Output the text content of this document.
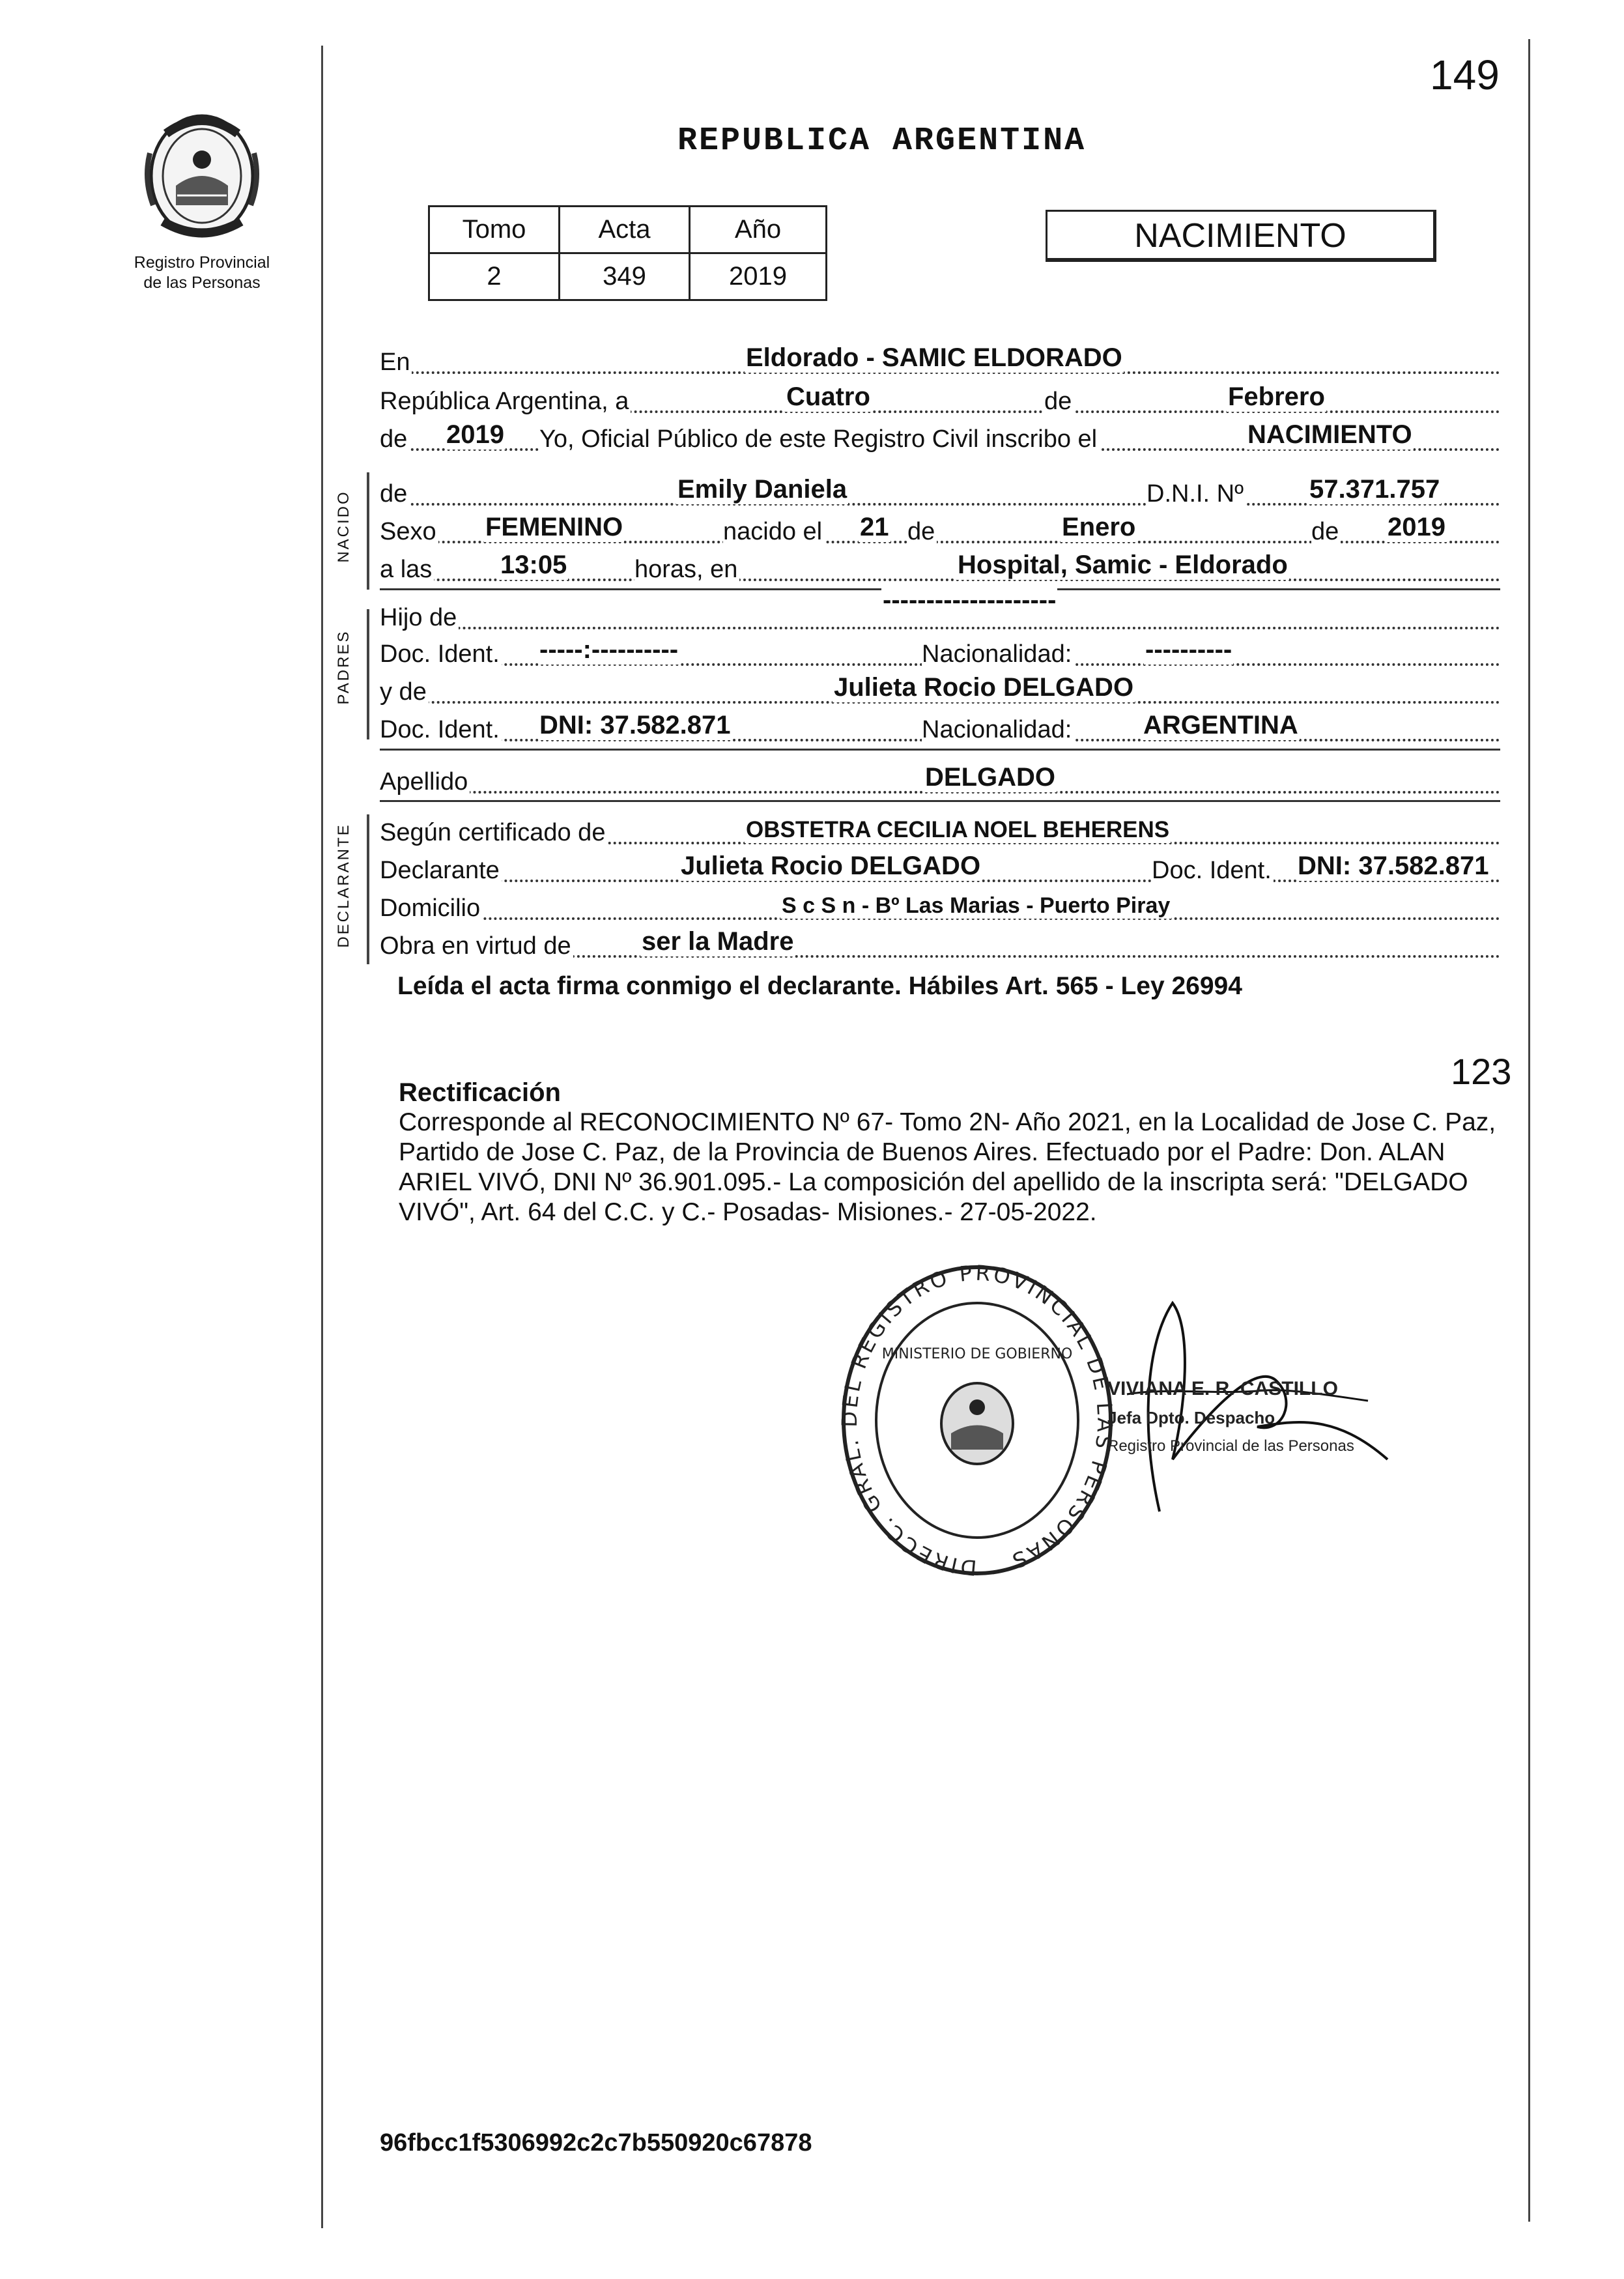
149
Registro Provincial
de las Personas
REPUBLICA ARGENTINA
Tomo	Acta	Año
2	349	2019
NACIMIENTO
En	Eldorado - SAMIC ELDORADO
República Argentina, a	Cuatro	de	Febrero
de 2019 Yo, Oficial Público de este Registro Civil inscribo el	NACIMIENTO
NACIDO de	Emily Daniela	D.N.I. Nº	57.371.757
Sexo FEMENINO	nacido el 21 de	Enero	de 2019
a las	13:05	horas, en	Hospital, Samic - Eldorado
PADRES
Hijo de
--------------------
Doc. Ident. -----:----------	Nacionalidad:	----------
y de	Julieta Rocio DELGADO
Doc. Ident. DNI: 37.582.871	Nacionalidad:	ARGENTINA
Apellido	DELGADO
DECLARANTE Según certificado de	OBSTETRA CECILIA NOEL BEHERENS
Declarante	Julieta Rocio DELGADO	Doc. Ident. DNI: 37.582.871
Domicilio	S c S n - Bº Las Marias - Puerto Piray
Obra en virtud de	ser la Madre
Leída el acta firma conmigo el declarante. Hábiles Art. 565 - Ley 26994
123
Rectificación
Corresponde al RECONOCIMIENTO Nº 67- Tomo 2N- Año 2021, en la Localidad de Jose C. Paz, Partido de Jose C. Paz, de la Provincia de Buenos Aires. Efectuado por el Padre: Don. ALAN ARIEL VIVÓ, DNI Nº 36.901.095.- La composición del apellido de la inscripta será: "DELGADO VIVÓ", Art. 64 del C.C. y C.- Posadas- Misiones.- 27-05-2022.
DIRECC. GRAL. DEL REGISTRO PROVINCIAL DE LAS PERSONAS
MINISTERIO DE GOBIERNO
VIVIANA E. R. CASTILLO
Jefa Dpto. Despacho
Registro Provincial de las Personas
96fbcc1f5306992c2c7b550920c67878
